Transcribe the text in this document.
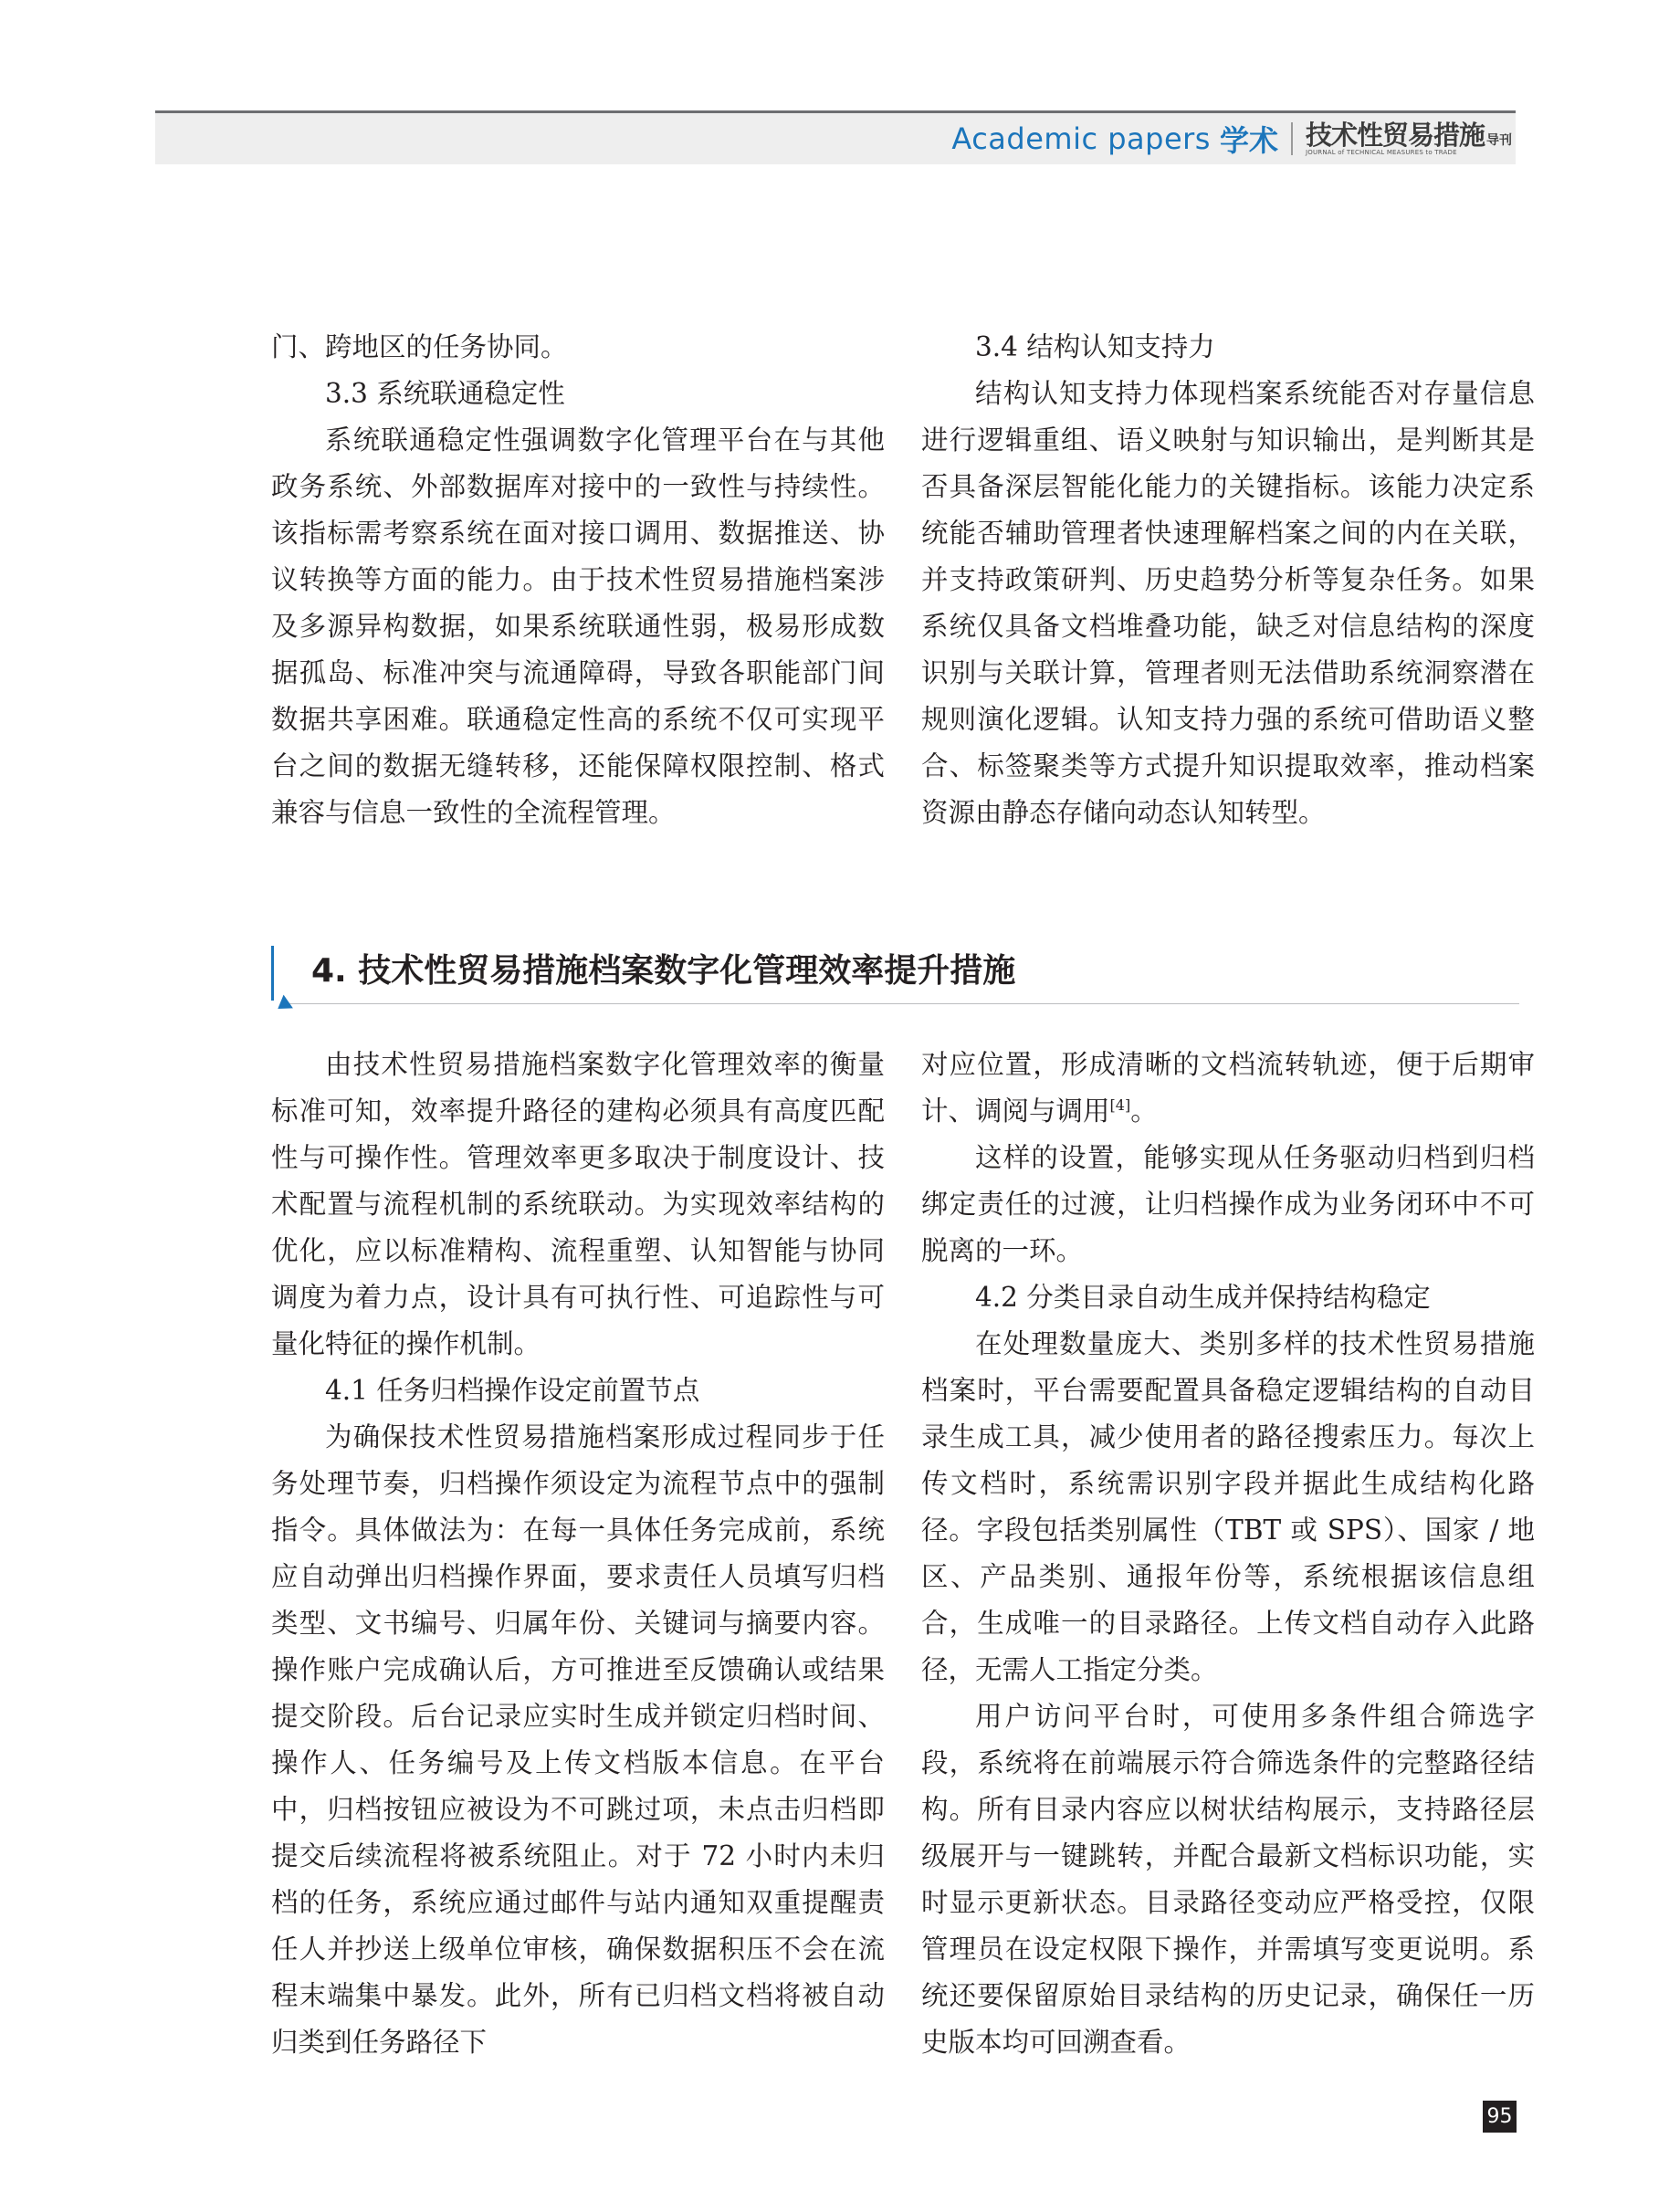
Academic papers 学术 技术性贸易措施 导刊
JOURNAL of TECHNICAL MEASURES to TRADE

门、跨地区的任务协同。

3.3 系统联通稳定性

系统联通稳定性强调数字化管理平台在与其他政务系统、外部数据库对接中的一致性与持续性。该指标需考察系统在面对接口调用、数据推送、协议转换等方面的能力。由于技术性贸易措施档案涉及多源异构数据，如果系统联通性弱，极易形成数据孤岛、标准冲突与流通障碍，导致各职能部门间数据共享困难。联通稳定性高的系统不仅可实现平台之间的数据无缝转移，还能保障权限控制、格式兼容与信息一致性的全流程管理。

3.4 结构认知支持力

结构认知支持力体现档案系统能否对存量信息进行逻辑重组、语义映射与知识输出，是判断其是否具备深层智能化能力的关键指标。该能力决定系统能否辅助管理者快速理解档案之间的内在关联，并支持政策研判、历史趋势分析等复杂任务。如果系统仅具备文档堆叠功能，缺乏对信息结构的深度识别与关联计算，管理者则无法借助系统洞察潜在规则演化逻辑。认知支持力强的系统可借助语义整合、标签聚类等方式提升知识提取效率，推动档案资源由静态存储向动态认知转型。

4. 技术性贸易措施档案数字化管理效率提升措施

由技术性贸易措施档案数字化管理效率的衡量标准可知，效率提升路径的建构必须具有高度匹配性与可操作性。管理效率更多取决于制度设计、技术配置与流程机制的系统联动。为实现效率结构的优化，应以标准精构、流程重塑、认知智能与协同调度为着力点，设计具有可执行性、可追踪性与可量化特征的操作机制。

4.1 任务归档操作设定前置节点

为确保技术性贸易措施档案形成过程同步于任务处理节奏，归档操作须设定为流程节点中的强制指令。具体做法为：在每一具体任务完成前，系统应自动弹出归档操作界面，要求责任人员填写归档类型、文书编号、归属年份、关键词与摘要内容。操作账户完成确认后，方可推进至反馈确认或结果提交阶段。后台记录应实时生成并锁定归档时间、操作人、任务编号及上传文档版本信息。在平台中，归档按钮应被设为不可跳过项，未点击归档即提交后续流程将被系统阻止。对于 72 小时内未归档的任务，系统应通过邮件与站内通知双重提醒责任人并抄送上级单位审核，确保数据积压不会在流程末端集中暴发。此外，所有已归档文档将被自动归类到任务路径下

对应位置，形成清晰的文档流转轨迹，便于后期审计、调阅与调用[4]。

这样的设置，能够实现从任务驱动归档到归档绑定责任的过渡，让归档操作成为业务闭环中不可脱离的一环。

4.2 分类目录自动生成并保持结构稳定

在处理数量庞大、类别多样的技术性贸易措施档案时，平台需要配置具备稳定逻辑结构的自动目录生成工具，减少使用者的路径搜索压力。每次上传文档时，系统需识别字段并据此生成结构化路径。字段包括类别属性（TBT 或 SPS）、国家 / 地区、产品类别、通报年份等，系统根据该信息组合，生成唯一的目录路径。上传文档自动存入此路径，无需人工指定分类。

用户访问平台时，可使用多条件组合筛选字段，系统将在前端展示符合筛选条件的完整路径结构。所有目录内容应以树状结构展示，支持路径层级展开与一键跳转，并配合最新文档标识功能，实时显示更新状态。目录路径变动应严格受控，仅限管理员在设定权限下操作，并需填写变更说明。系统还要保留原始目录结构的历史记录，确保任一历史版本均可回溯查看。

95
